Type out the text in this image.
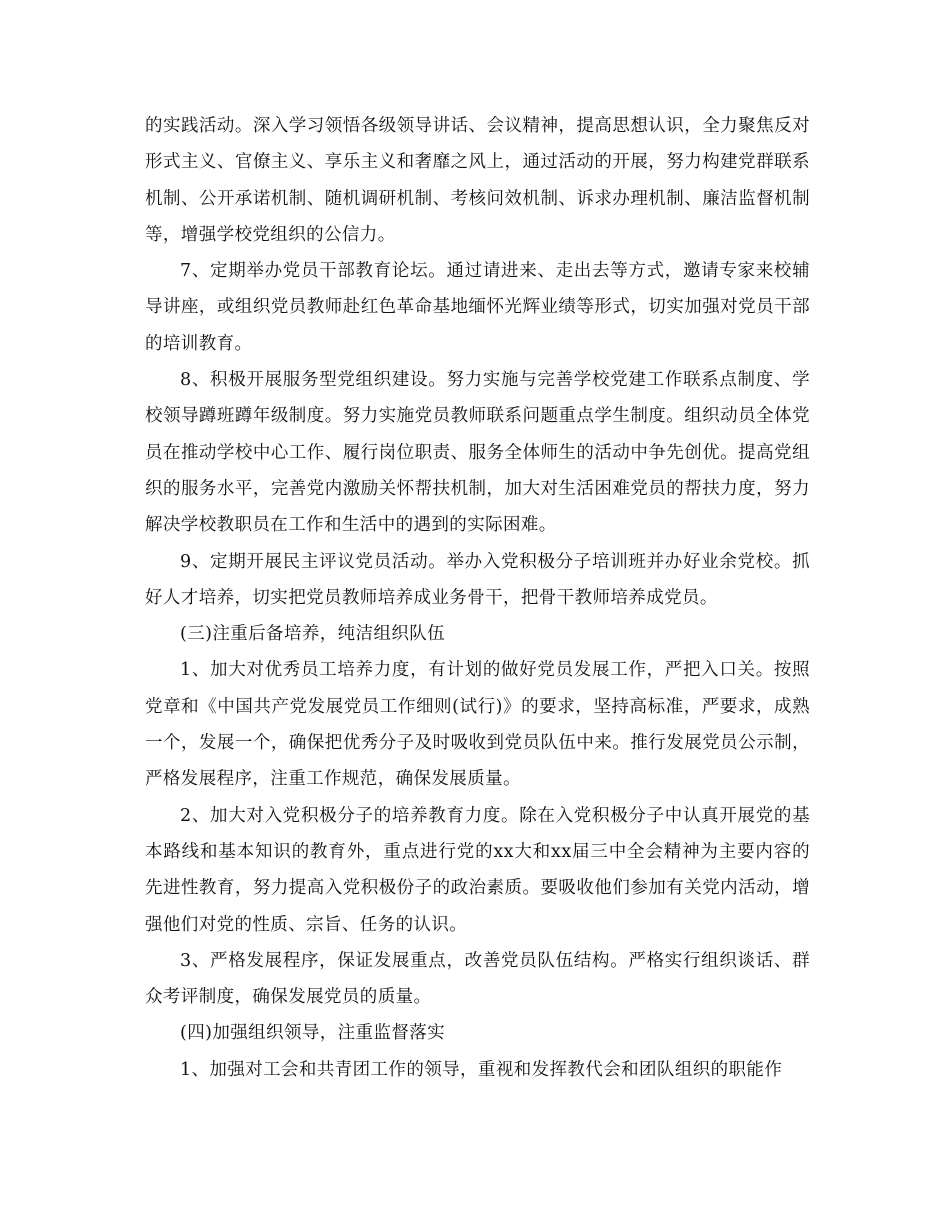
的实践活动。深入学习领悟各级领导讲话、会议精神，提高思想认识，全力聚焦反对形式主义、官僚主义、享乐主义和奢靡之风上，通过活动的开展，努力构建党群联系机制、公开承诺机制、随机调研机制、考核问效机制、诉求办理机制、廉洁监督机制等，增强学校党组织的公信力。

7、定期举办党员干部教育论坛。通过请进来、走出去等方式，邀请专家来校辅导讲座，或组织党员教师赴红色革命基地缅怀光辉业绩等形式，切实加强对党员干部的培训教育。

8、积极开展服务型党组织建设。努力实施与完善学校党建工作联系点制度、学校领导蹲班蹲年级制度。努力实施党员教师联系问题重点学生制度。组织动员全体党员在推动学校中心工作、履行岗位职责、服务全体师生的活动中争先创优。提高党组织的服务水平，完善党内激励关怀帮扶机制，加大对生活困难党员的帮扶力度，努力解决学校教职员在工作和生活中的遇到的实际困难。

9、定期开展民主评议党员活动。举办入党积极分子培训班并办好业余党校。抓好人才培养，切实把党员教师培养成业务骨干，把骨干教师培养成党员。

(三)注重后备培养，纯洁组织队伍

1、加大对优秀员工培养力度，有计划的做好党员发展工作，严把入口关。按照党章和《中国共产党发展党员工作细则(试行)》的要求，坚持高标准，严要求，成熟一个，发展一个，确保把优秀分子及时吸收到党员队伍中来。推行发展党员公示制，严格发展程序，注重工作规范，确保发展质量。

2、加大对入党积极分子的培养教育力度。除在入党积极分子中认真开展党的基本路线和基本知识的教育外，重点进行党的xx大和xx届三中全会精神为主要内容的先进性教育，努力提高入党积极份子的政治素质。要吸收他们参加有关党内活动，增强他们对党的性质、宗旨、任务的认识。

3、严格发展程序，保证发展重点，改善党员队伍结构。严格实行组织谈话、群众考评制度，确保发展党员的质量。

(四)加强组织领导，注重监督落实

1、加强对工会和共青团工作的领导，重视和发挥教代会和团队组织的职能作
